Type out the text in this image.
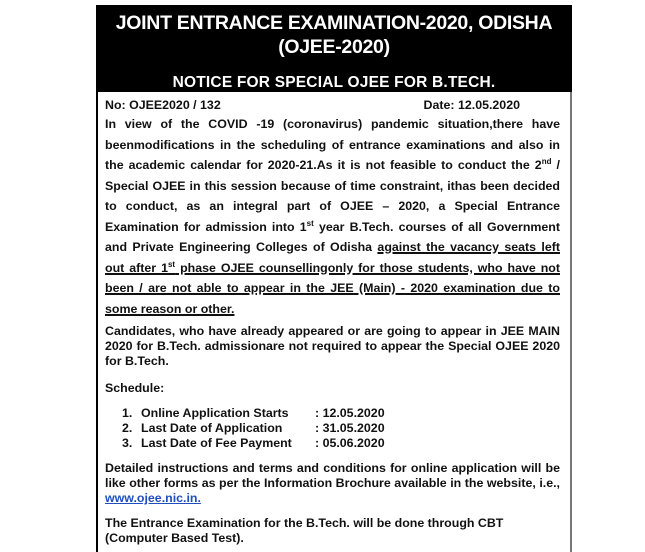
JOINT ENTRANCE EXAMINATION-2020, ODISHA
(OJEE-2020)
NOTICE FOR SPECIAL OJEE FOR B.TECH.
No: OJEE2020 / 132	Date: 12.05.2020

In view of the COVID -19 (coronavirus) pandemic situation,there have beenmodifications in the scheduling of entrance examinations and also in the academic calendar for 2020-21.As it is not feasible to conduct the 2nd / Special OJEE in this session because of time constraint, ithas been decided to conduct, as an integral part of OJEE – 2020, a Special Entrance Examination for admission into 1st year B.Tech. courses of all Government and Private Engineering Colleges of Odisha against the vacancy seats left out after 1st phase OJEE counsellingonly for those students, who have not been / are not able to appear in the JEE (Main) - 2020 examination due to some reason or other.

Candidates, who have already appeared or are going to appear in JEE MAIN 2020 for B.Tech. admissionare not required to appear the Special OJEE 2020 for B.Tech.

Schedule:
1. Online Application Starts	: 12.05.2020
2. Last Date of Application	: 31.05.2020
3. Last Date of Fee Payment	: 05.06.2020
Detailed instructions and terms and conditions for online application will be like other forms as per the Information Brochure available in the website, i.e., www.ojee.nic.in.
The Entrance Examination for the B.Tech. will be done through CBT (Computer Based Test).
